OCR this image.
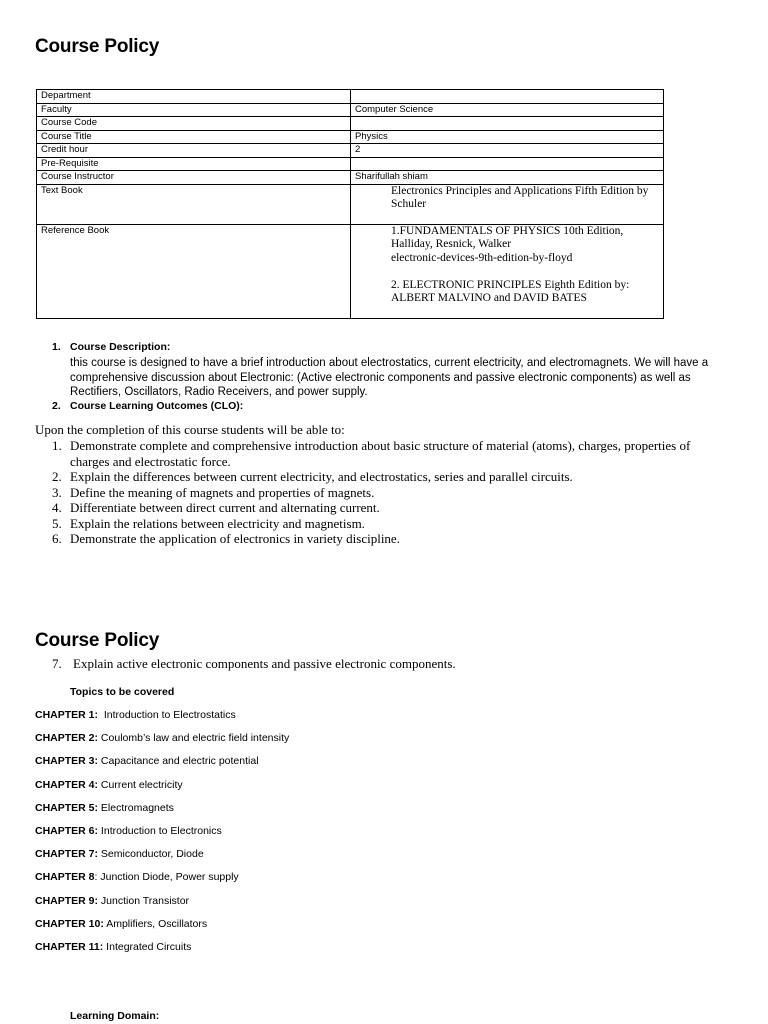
Course Policy
Department	
Faculty	Computer Science
Course Code	
Course Title	Physics
Credit hour	2
Pre-Requisite	
Course Instructor	Sharifullah shiam
Text Book	Electronics Principles and Applications Fifth Edition by
Schuler

Reference Book	1.FUNDAMENTALS OF PHYSICS 10th Edition,
Halliday, Resnick, Walker
electronic-devices-9th-edition-by-floyd
2. ELECTRONIC PRINCIPLES Eighth Edition by:
ALBERT MALVINO and DAVID BATES
1. Course Description:
this course is designed to have a brief introduction about electrostatics, current electricity, and electromagnets. We will have a comprehensive discussion about Electronic: (Active electronic components and passive electronic components) as well as Rectifiers, Oscillators, Radio Receivers, and power supply.
2. Course Learning Outcomes (CLO):
Upon the completion of this course students will be able to:
1. Demonstrate complete and comprehensive introduction about basic structure of material (atoms), charges, properties of charges and electrostatic force.
2. Explain the differences between current electricity, and electrostatics, series and parallel circuits.
3. Define the meaning of magnets and properties of magnets.
4. Differentiate between direct current and alternating current.
5. Explain the relations between electricity and magnetism.
6. Demonstrate the application of electronics in variety discipline.
Course Policy
7. Explain active electronic components and passive electronic components.
Topics to be covered
CHAPTER 1:  Introduction to Electrostatics
CHAPTER 2: Coulomb’s law and electric field intensity
CHAPTER 3: Capacitance and electric potential
CHAPTER 4: Current electricity
CHAPTER 5: Electromagnets
CHAPTER 6: Introduction to Electronics
CHAPTER 7: Semiconductor, Diode
CHAPTER 8: Junction Diode, Power supply
CHAPTER 9: Junction Transistor
CHAPTER 10: Amplifiers, Oscillators
CHAPTER 11: Integrated Circuits
Learning Domain:
